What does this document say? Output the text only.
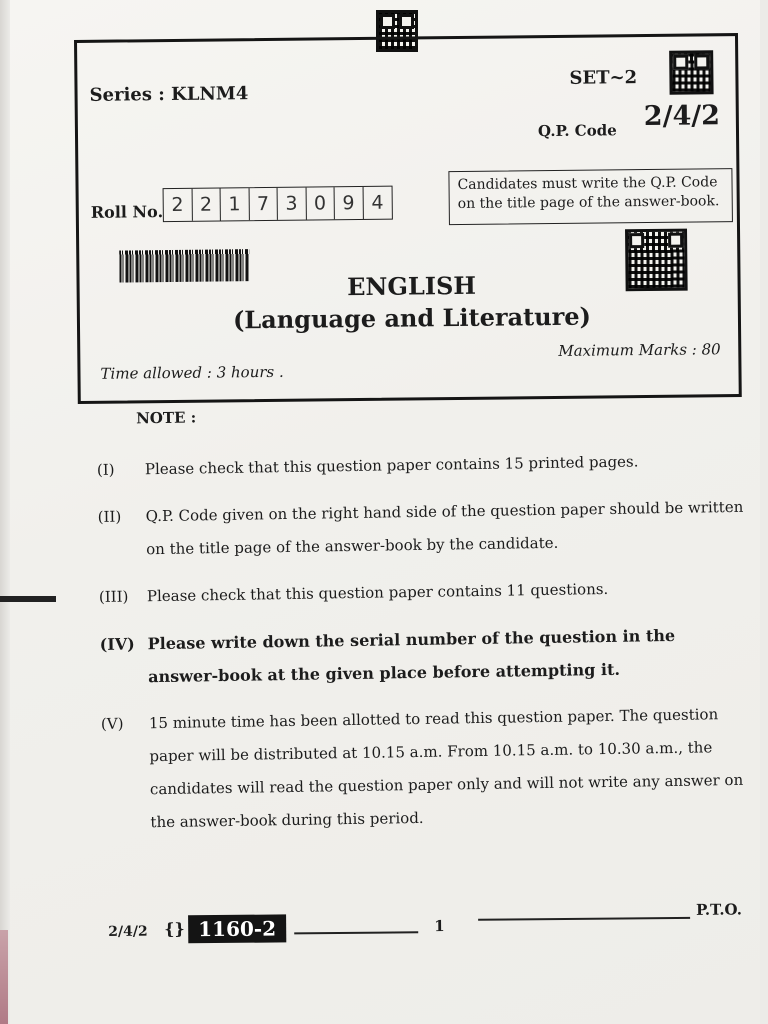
Series : KLNM4
SET~2
Q.P. Code 2/4/2
Roll No. 2 2 1 7 3 0 9 4
Candidates must write the Q.P. Code on the title page of the answer-book.
ENGLISH
(Language and Literature)
Time allowed : 3 hours .
Maximum Marks : 80
NOTE :
(I)	Please check that this question paper contains 15 printed pages.
(II)	Q.P. Code given on the right hand side of the question paper should be written on the title page of the answer-book by the candidate.
(III)	Please check that this question paper contains 11 questions.
(IV) Please write down the serial number of the question in the answer-book at the given place before attempting it.
(V)	15 minute time has been allotted to read this question paper. The question paper will be distributed at 10.15 a.m. From 10.15 a.m. to 10.30 a.m., the candidates will read the question paper only and will not write any answer on the answer-book during this period.
2/4/2 {} 1160-2	1
P.T.O.
